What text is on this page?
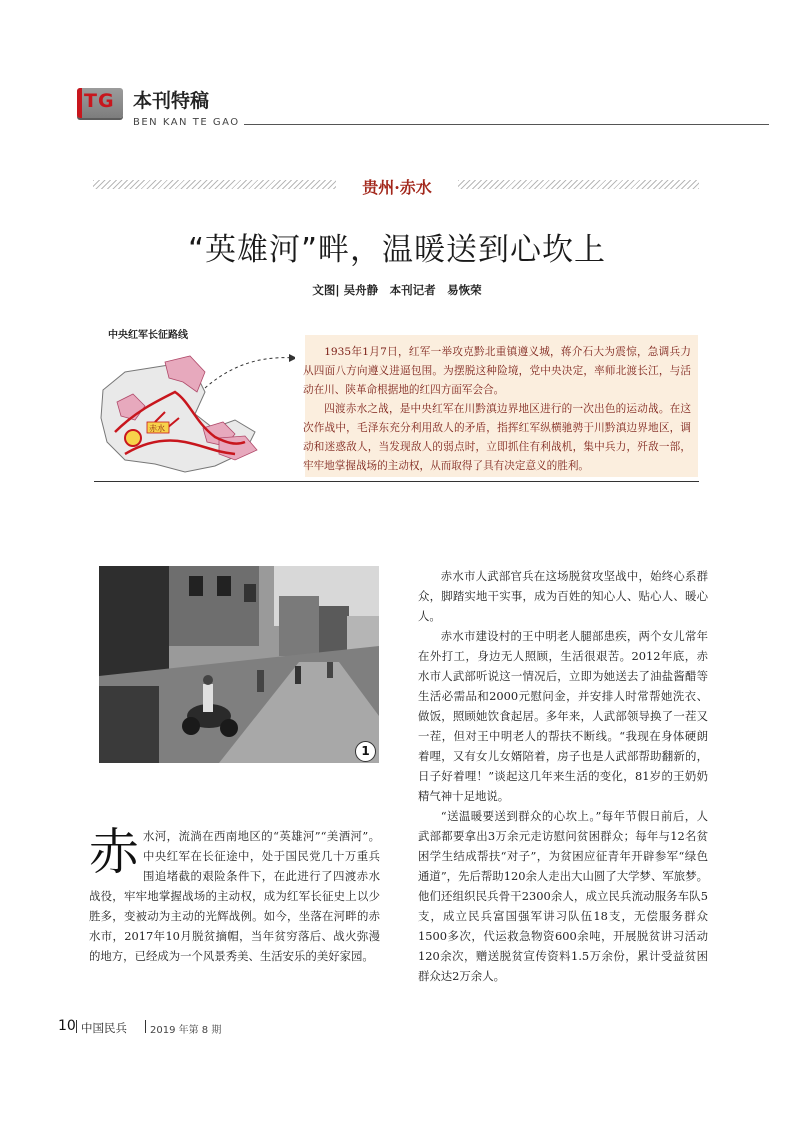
TG 本刊特稿
BEN KAN TE GAO
贵州·赤水
“英雄河”畔，温暖送到心坎上
文图| 吴舟静　本刊记者　易恢荣
中央红军长征路线
赤水

1935年1月7日，红军一举攻克黔北重镇遵义城，蒋介石大为震惊，急调兵力从四面八方向遵义进逼包围。为摆脱这种险境，党中央决定，率师北渡长江，与活动在川、陕革命根据地的红四方面军会合。

四渡赤水之战，是中央红军在川黔滇边界地区进行的一次出色的运动战。在这次作战中，毛泽东充分利用敌人的矛盾，指挥红军纵横驰骋于川黔滇边界地区，调动和迷惑敌人，当发现敌人的弱点时，立即抓住有利战机，集中兵力，歼敌一部，牢牢地掌握战场的主动权，从而取得了具有决定意义的胜利。

1
赤 水河，流淌在西南地区的“英雄河”“美酒河”。中央红军在长征途中，处于国民党几十万重兵围追堵截的艰险条件下，在此进行了四渡赤水战役，牢牢地掌握战场的主动权，成为红军长征史上以少胜多，变被动为主动的光辉战例。如今，坐落在河畔的赤水市，2017年10月脱贫摘帽，当年贫穷落后、战火弥漫的地方，已经成为一个风景秀美、生活安乐的美好家园。

赤水市人武部官兵在这场脱贫攻坚战中，始终心系群众，脚踏实地干实事，成为百姓的知心人、贴心人、暖心人。

赤水市建设村的王中明老人腿部患疾，两个女儿常年在外打工，身边无人照顾，生活很艰苦。2012年底，赤水市人武部听说这一情况后，立即为她送去了油盐酱醋等生活必需品和2000元慰问金，并安排人时常帮她洗衣、做饭，照顾她饮食起居。多年来，人武部领导换了一茬又一茬，但对王中明老人的帮扶不断线。“我现在身体硬朗着哩，又有女儿女婿陪着，房子也是人武部帮助翻新的，日子好着哩！”谈起这几年来生活的变化，81岁的王奶奶精气神十足地说。

“送温暖要送到群众的心坎上。”每年节假日前后，人武部都要拿出3万余元走访慰问贫困群众；每年与12名贫困学生结成帮扶“对子”，为贫困应征青年开辟参军“绿色通道”，先后帮助120余人走出大山圆了大学梦、军旅梦。他们还组织民兵骨干2300余人，成立民兵流动服务车队5支，成立民兵富国强军讲习队伍18支，无偿服务群众1500多次，代运救急物资600余吨，开展脱贫讲习活动120余次，赠送脱贫宣传资料1.5万余份，累计受益贫困群众达2万余人。

10 中国民兵 2019 年第 8 期
